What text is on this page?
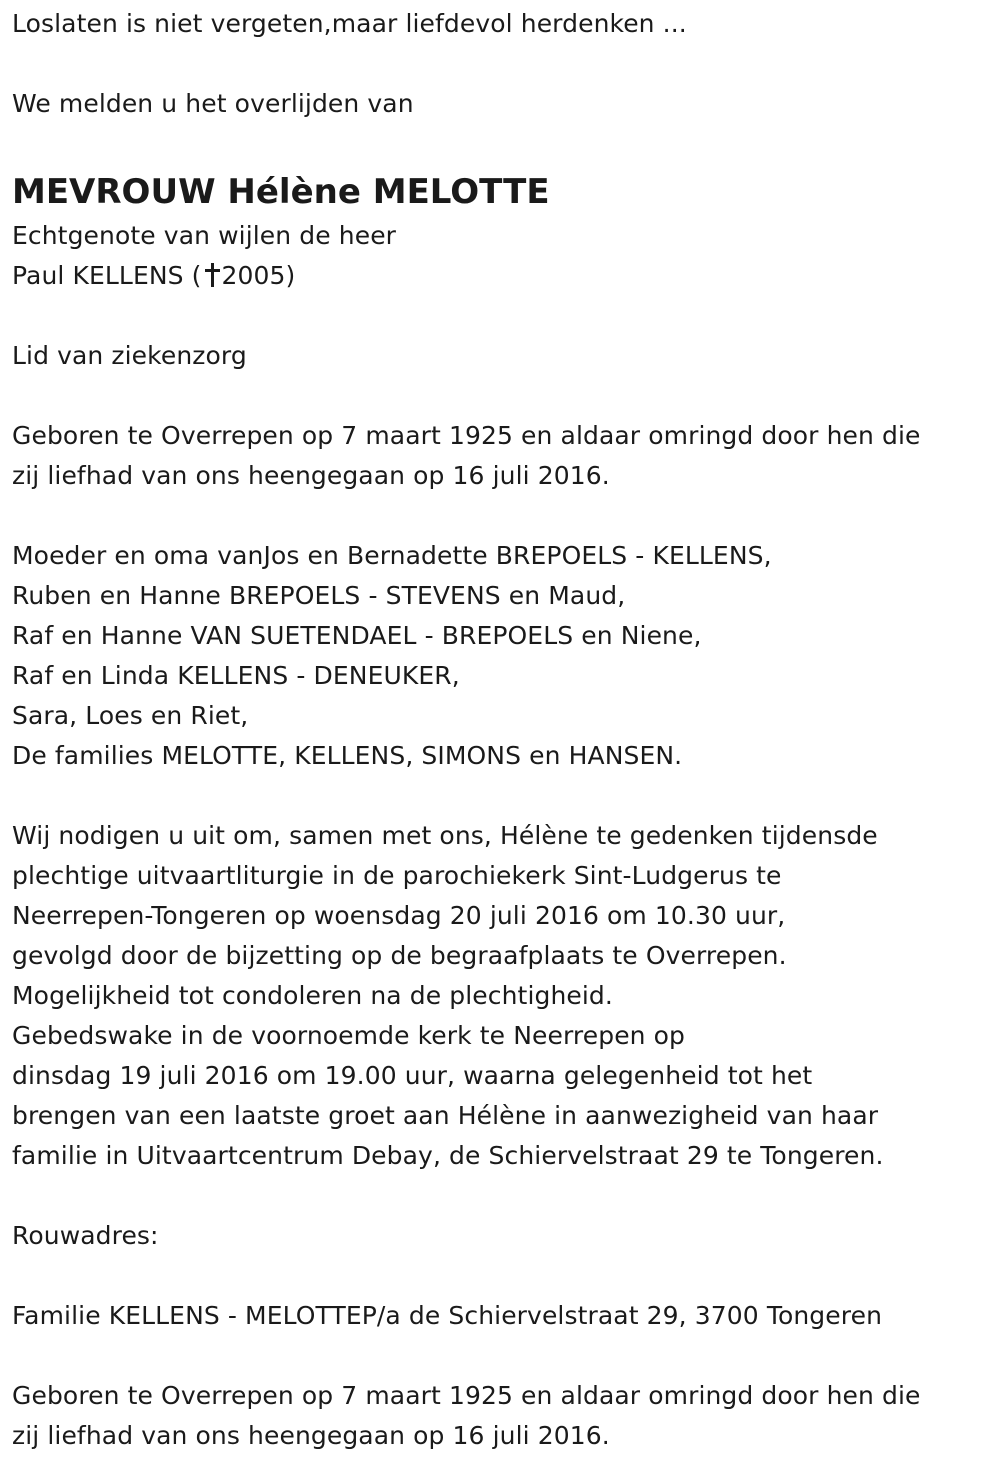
Loslaten is niet vergeten,maar liefdevol herdenken ...
We melden u het overlijden van
MEVROUW Hélène MELOTTE
Echtgenote van wijlen de heer
Paul KELLENS ( 2005)
Lid van ziekenzorg
Geboren te Overrepen op 7 maart 1925 en aldaar omringd door hen die
zij liefhad van ons heengegaan op 16 juli 2016.
Moeder en oma vanJos en Bernadette BREPOELS - KELLENS,
Ruben en Hanne BREPOELS - STEVENS en Maud,
Raf en Hanne VAN SUETENDAEL - BREPOELS en Niene,
Raf en Linda KELLENS - DENEUKER,
Sara, Loes en Riet,
De families MELOTTE, KELLENS, SIMONS en HANSEN.
Wij nodigen u uit om, samen met ons, Hélène te gedenken tijdensde
plechtige uitvaartliturgie in de parochiekerk Sint-Ludgerus te
Neerrepen-Tongeren op woensdag 20 juli 2016 om 10.30 uur,
gevolgd door de bijzetting op de begraafplaats te Overrepen.
Mogelijkheid tot condoleren na de plechtigheid.
Gebedswake in de voornoemde kerk te Neerrepen op
dinsdag 19 juli 2016 om 19.00 uur, waarna gelegenheid tot het
brengen van een laatste groet aan Hélène in aanwezigheid van haar
familie in Uitvaartcentrum Debay, de Schiervelstraat 29 te Tongeren.
Rouwadres:
Familie KELLENS - MELOTTEP/a de Schiervelstraat 29, 3700 Tongeren
Geboren te Overrepen op 7 maart 1925 en aldaar omringd door hen die
zij liefhad van ons heengegaan op 16 juli 2016.
